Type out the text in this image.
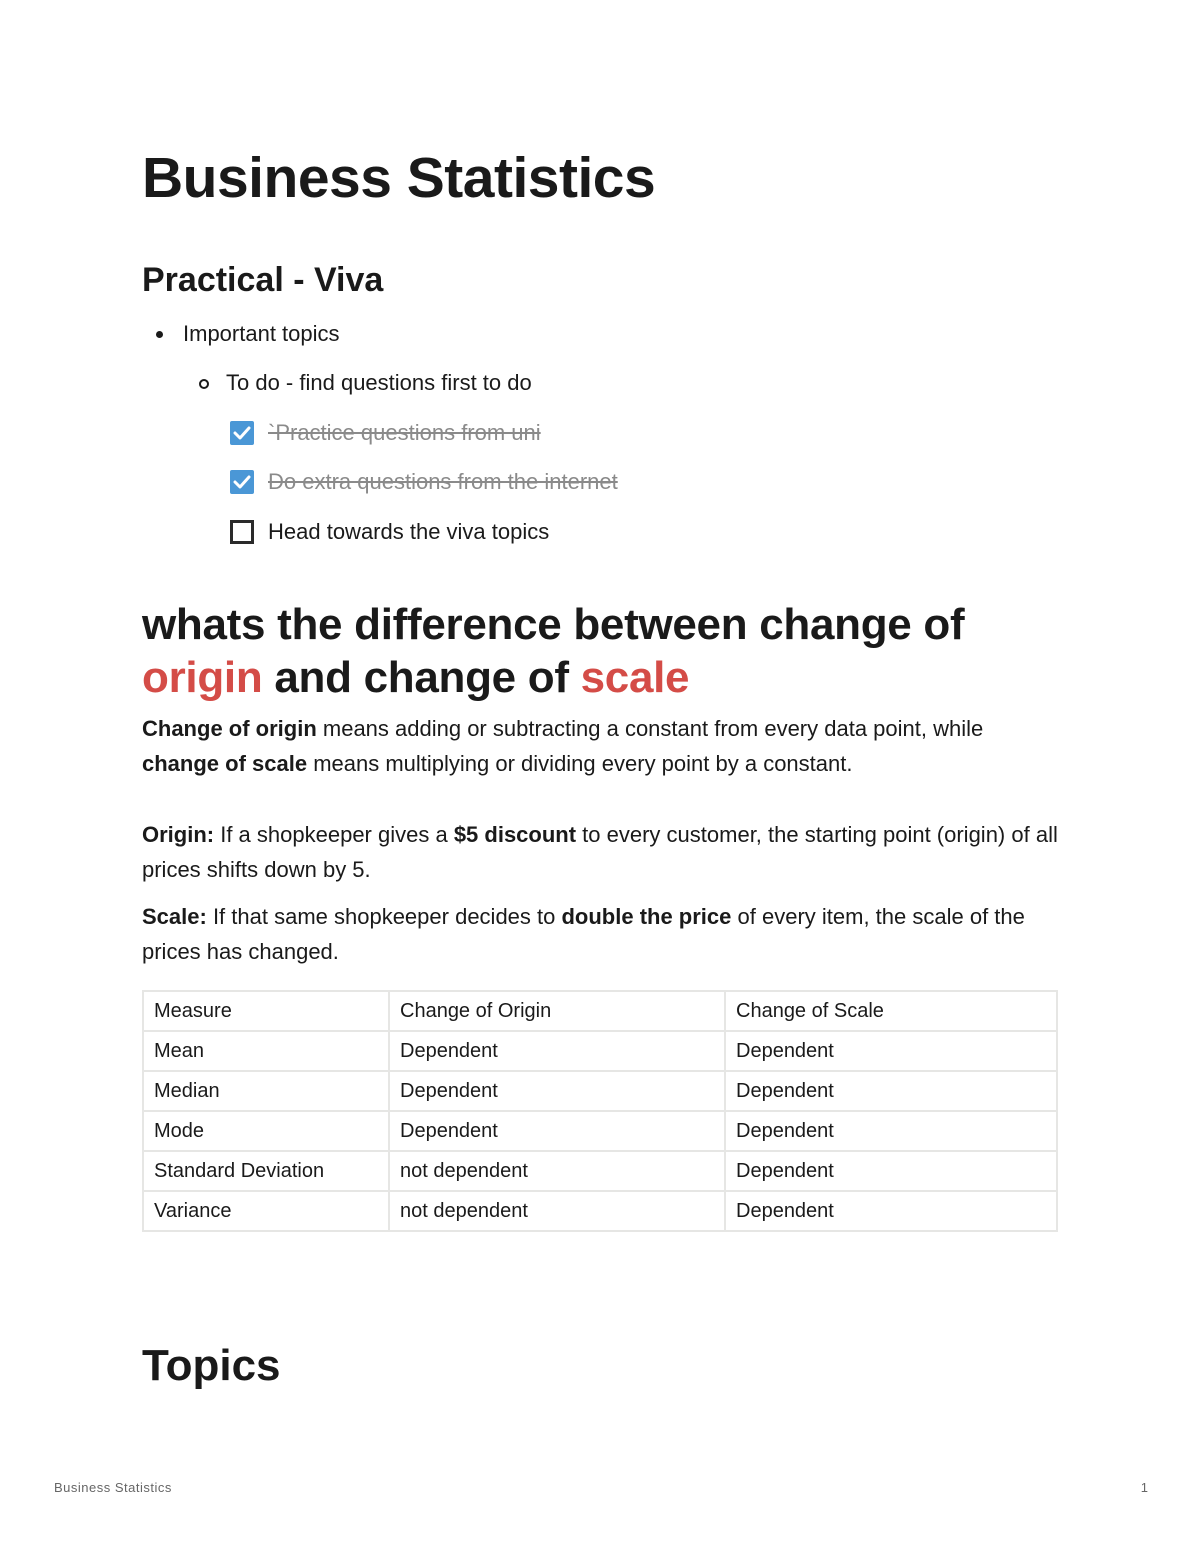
Business Statistics
Practical - Viva
Important topics
To do - find questions first to do
`Practice questions from uni
Do extra questions from the internet
Head towards the viva topics
whats the difference between change of origin and change of scale

Change of origin means adding or subtracting a constant from every data point, while change of scale means multiplying or dividing every point by a constant.

Origin: If a shopkeeper gives a $5 discount to every customer, the starting point (origin) of all prices shifts down by 5.

Scale: If that same shopkeeper decides to double the price of every item, the scale of the prices has changed.

Measure	Change of Origin	Change of Scale
Mean	Dependent	Dependent
Median	Dependent	Dependent
Mode	Dependent	Dependent
Standard Deviation	not dependent	Dependent
Variance	not dependent	Dependent
Topics
Business Statistics	1
